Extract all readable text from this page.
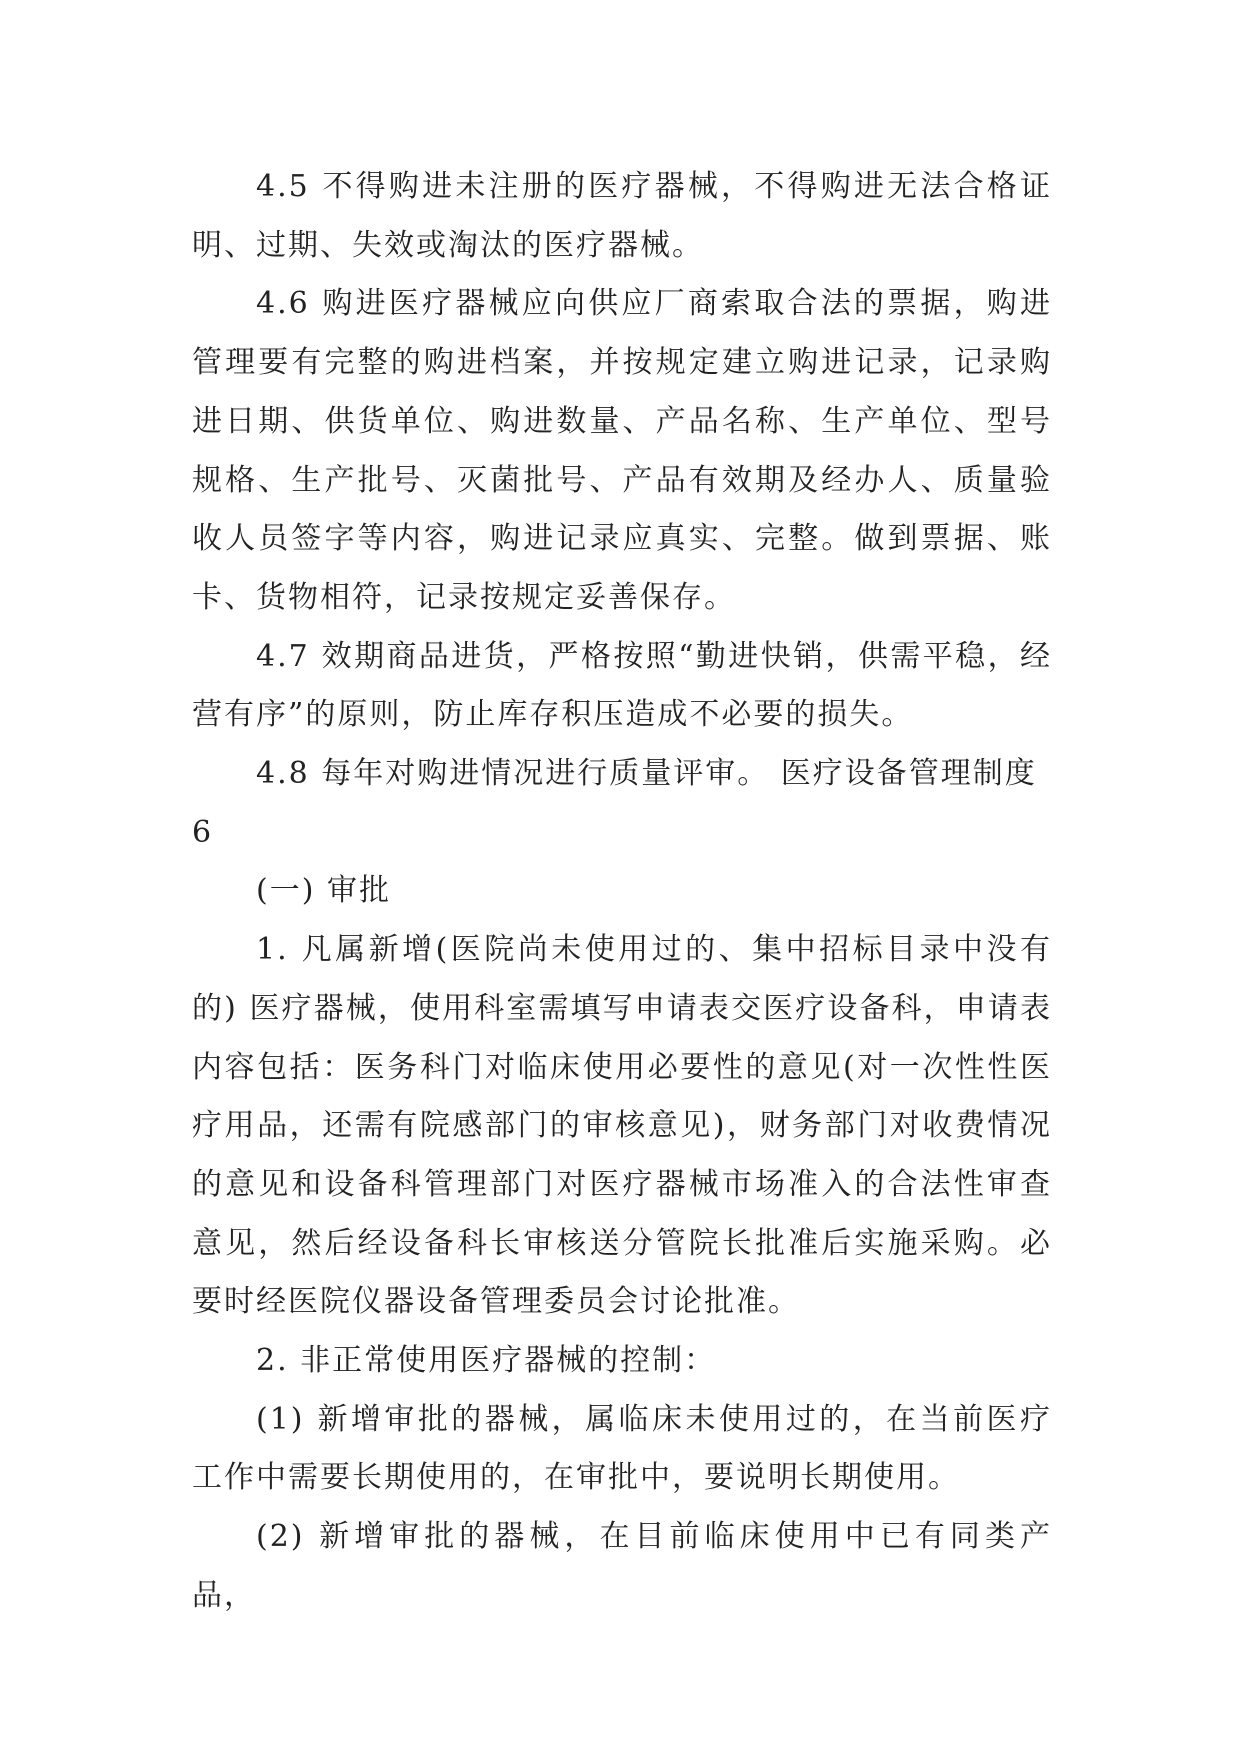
4.5 不得购进未注册的医疗器械，不得购进无法合格证明、过期、失效或淘汰的医疗器械。

4.6 购进医疗器械应向供应厂商索取合法的票据，购进管理要有完整的购进档案，并按规定建立购进记录，记录购进日期、供货单位、购进数量、产品名称、生产单位、型号规格、生产批号、灭菌批号、产品有效期及经办人、质量验收人员签字等内容，购进记录应真实、完整。做到票据、账卡、货物相符，记录按规定妥善保存。

4.7 效期商品进货，严格按照“勤进快销，供需平稳，经营有序”的原则，防止库存积压造成不必要的损失。

4.8 每年对购进情况进行质量评审。 医疗设备管理制度

6

(一) 审批

1. 凡属新增(医院尚未使用过的、集中招标目录中没有的) 医疗器械，使用科室需填写申请表交医疗设备科，申请表内容包括：医务科门对临床使用必要性的意见(对一次性性医疗用品，还需有院感部门的审核意见)，财务部门对收费情况的意见和设备科管理部门对医疗器械市场准入的合法性审查意见，然后经设备科长审核送分管院长批准后实施采购。必要时经医院仪器设备管理委员会讨论批准。

2. 非正常使用医疗器械的控制：

(1) 新增审批的器械，属临床未使用过的，在当前医疗工作中需要长期使用的，在审批中，要说明长期使用。

(2) 新增审批的器械，在目前临床使用中已有同类产品，
